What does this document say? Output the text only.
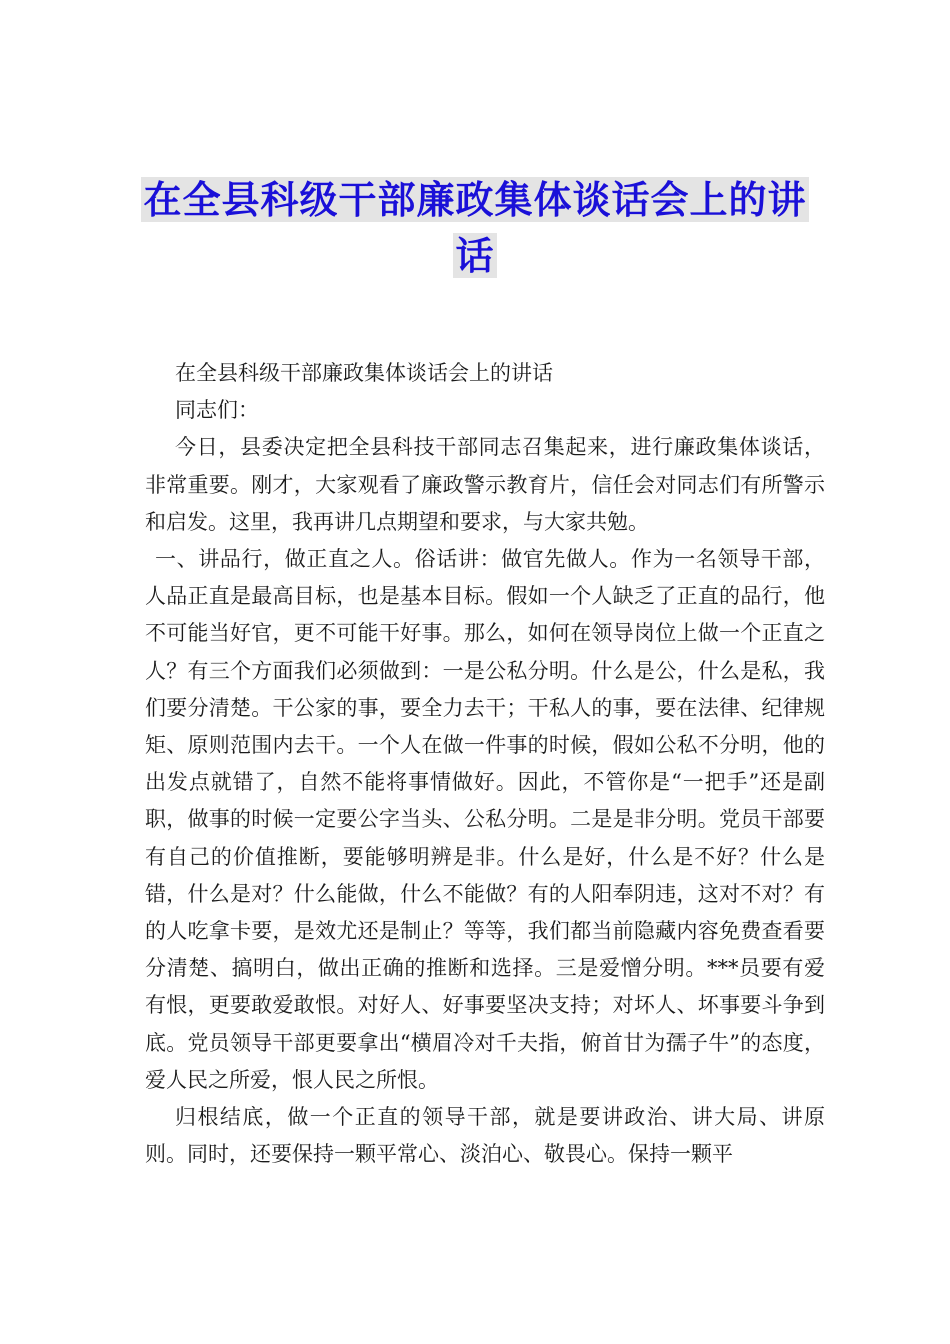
在全县科级干部廉政集体谈话会上的讲话

在全县科级干部廉政集体谈话会上的讲话

同志们：

今日，县委决定把全县科技干部同志召集起来，进行廉政集体谈话，非常重要。刚才，大家观看了廉政警示教育片，信任会对同志们有所警示和启发。这里，我再讲几点期望和要求，与大家共勉。

一、讲品行，做正直之人。俗话讲：做官先做人。作为一名领导干部，人品正直是最高目标，也是基本目标。假如一个人缺乏了正直的品行，他不可能当好官，更不可能干好事。那么，如何在领导岗位上做一个正直之人？有三个方面我们必须做到：一是公私分明。什么是公，什么是私，我们要分清楚。干公家的事，要全力去干；干私人的事，要在法律、纪律规矩、原则范围内去干。一个人在做一件事的时候，假如公私不分明，他的出发点就错了，自然不能将事情做好。因此，不管你是“一把手”还是副职，做事的时候一定要公字当头、公私分明。二是是非分明。党员干部要有自己的价值推断，要能够明辨是非。什么是好，什么是不好？什么是错，什么是对？什么能做，什么不能做？有的人阳奉阴违，这对不对？有的人吃拿卡要，是效尤还是制止？等等，我们都当前隐藏内容免费查看要分清楚、搞明白，做出正确的推断和选择。三是爱憎分明。***员要有爱有恨，更要敢爱敢恨。对好人、好事要坚决支持；对坏人、坏事要斗争到底。党员领导干部更要拿出“横眉冷对千夫指，俯首甘为孺子牛”的态度，爱人民之所爱，恨人民之所恨。

归根结底，做一个正直的领导干部，就是要讲政治、讲大局、讲原则。同时，还要保持一颗平常心、淡泊心、敬畏心。保持一颗平
